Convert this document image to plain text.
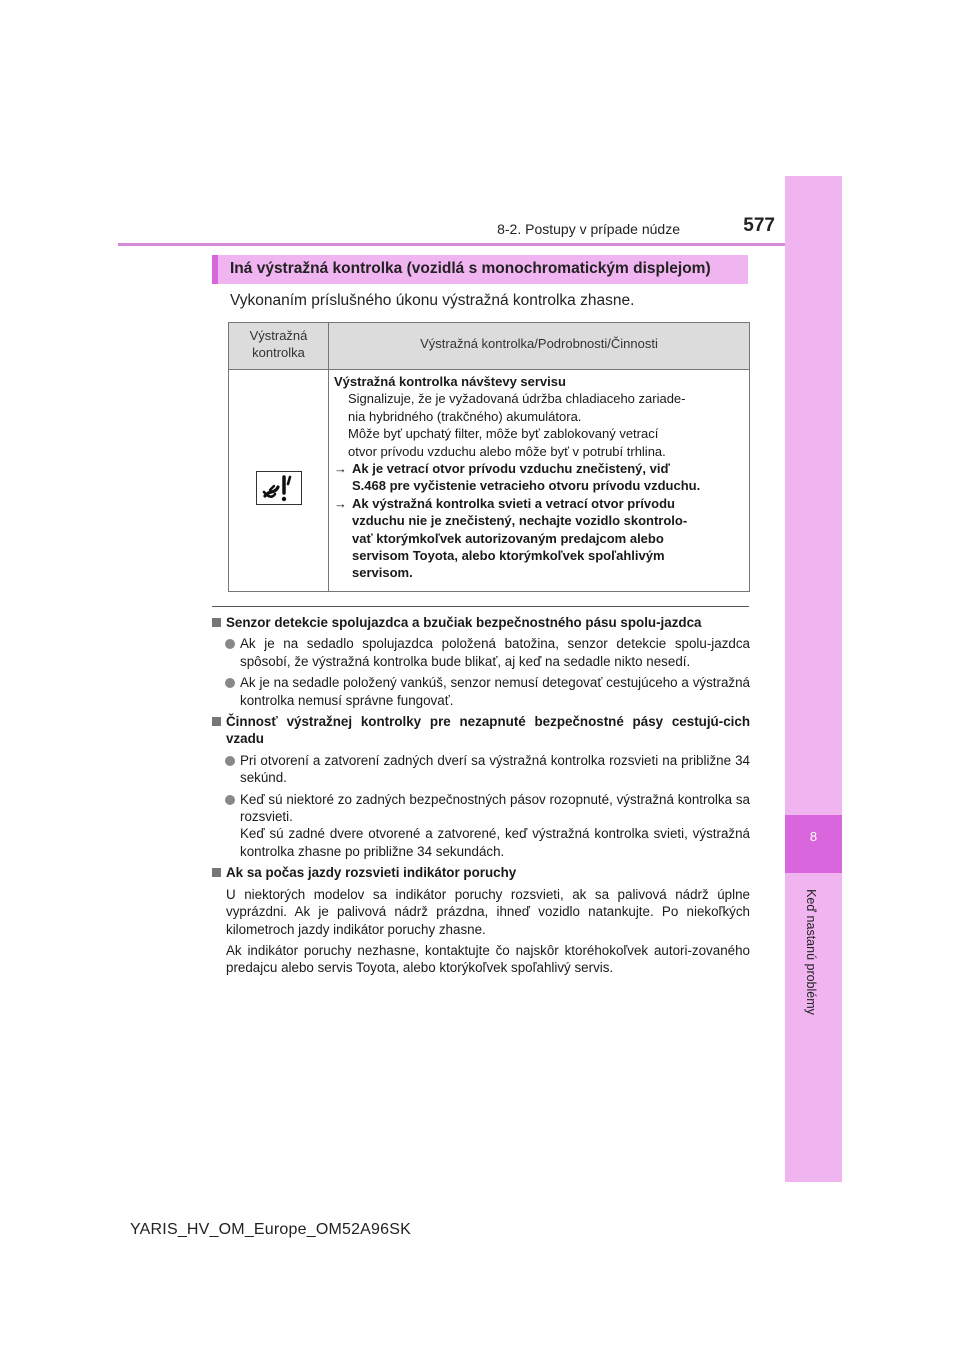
8
Keď nastanú problémy
8-2. Postupy v prípade núdze	577
Iná výstražná kontrolka (vozidlá s monochromatickým displejom)
Vykonaním príslušného úkonu výstražná kontrolka zhasne.
Výstražná
kontrolka
Výstražná kontrolka/Podrobnosti/Činnosti
Výstražná kontrolka návštevy servisu
Signalizuje, že je vyžadovaná údržba chladiaceho zariade-
nia hybridného (trakčného) akumulátora.
Môže byť upchatý filter, môže byť zablokovaný vetrací
otvor prívodu vzduchu alebo môže byť v potrubí trhlina.
→ Ak je vetrací otvor prívodu vzduchu znečistený, viď
S.468 pre vyčistenie vetracieho otvoru prívodu vzduchu.
→ Ak výstražná kontrolka svieti a vetrací otvor prívodu
vzduchu nie je znečistený, nechajte vozidlo skontrolo-
vať ktorýmkoľvek autorizovaným predajcom alebo
servisom Toyota, alebo ktorýmkoľvek spoľahlivým
servisom.
Senzor detekcie spolujazdca a bzučiak bezpečnostného pásu spolu-jazdca
Ak je na sedadlo spolujazdca položená batožina, senzor detekcie spolu-jazdca spôsobí, že výstražná kontrolka bude blikať, aj keď na sedadle nikto nesedí.
Ak je na sedadle položený vankúš, senzor nemusí detegovať cestujúceho a výstražná kontrolka nemusí správne fungovať.
Činnosť výstražnej kontrolky pre nezapnuté bezpečnostné pásy cestujú-cich vzadu
Pri otvorení a zatvorení zadných dverí sa výstražná kontrolka rozsvieti na približne 34 sekúnd.
Keď sú niektoré zo zadných bezpečnostných pásov rozopnuté, výstražná kontrolka sa rozsvieti.
Keď sú zadné dvere otvorené a zatvorené, keď výstražná kontrolka svieti, výstražná kontrolka zhasne po približne 34 sekundách.
Ak sa počas jazdy rozsvieti indikátor poruchy
U niektorých modelov sa indikátor poruchy rozsvieti, ak sa palivová nádrž úplne vyprázdni. Ak je palivová nádrž prázdna, ihneď vozidlo natankujte. Po niekoľkých kilometroch jazdy indikátor poruchy zhasne.
Ak indikátor poruchy nezhasne, kontaktujte čo najskôr ktoréhokoľvek autori-zovaného predajcu alebo servis Toyota, alebo ktorýkoľvek spoľahlivý servis.
YARIS_HV_OM_Europe_OM52A96SK
